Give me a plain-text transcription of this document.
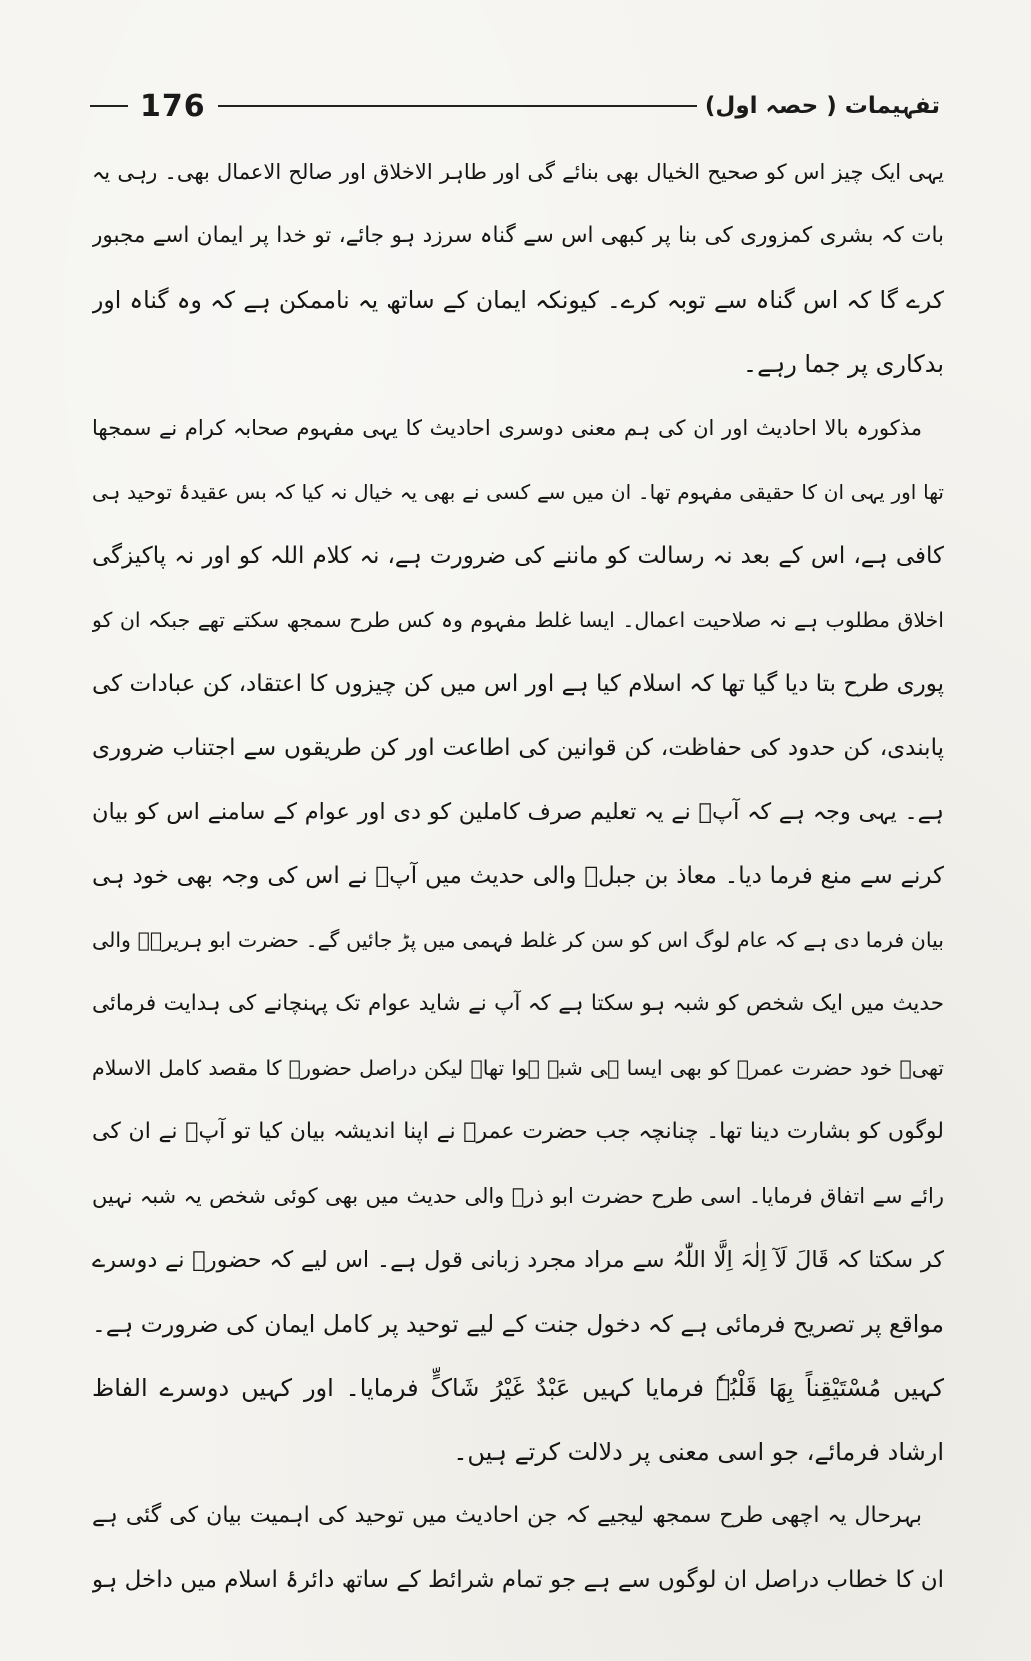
176	تفہیمات ( حصہ اول)
یہی ایک چیز اس کو صحیح الخیال بھی بنائے گی اور طاہر الاخلاق اور صالح الاعمال بھی۔ رہی یہ
بات کہ بشری کمزوری کی بنا پر کبھی اس سے گناہ سرزد ہو جائے، تو خدا پر ایمان اسے مجبور
کرے گا کہ اس گناہ سے توبہ کرے۔ کیونکہ ایمان کے ساتھ یہ ناممکن ہے کہ وہ گناہ اور
بدکاری پر جما رہے۔
مذکورہ بالا احادیث اور ان کی ہم معنی دوسری احادیث کا یہی مفہوم صحابہ کرام نے سمجھا
تھا اور یہی ان کا حقیقی مفہوم تھا۔ ان میں سے کسی نے بھی یہ خیال نہ کیا کہ بس عقیدۂ توحید ہی
کافی ہے، اس کے بعد نہ رسالت کو ماننے کی ضرورت ہے، نہ کلام اللہ کو اور نہ پاکیزگی
اخلاق مطلوب ہے نہ صلاحیت اعمال۔ ایسا غلط مفہوم وہ کس طرح سمجھ سکتے تھے جبکہ ان کو
پوری طرح بتا دیا گیا تھا کہ اسلام کیا ہے اور اس میں کن چیزوں کا اعتقاد، کن عبادات کی
پابندی، کن حدود کی حفاظت، کن قوانین کی اطاعت اور کن طریقوں سے اجتناب ضروری
ہے۔ یہی وجہ ہے کہ آپؐ نے یہ تعلیم صرف کاملین کو دی اور عوام کے سامنے اس کو بیان
کرنے سے منع فرما دیا۔ معاذ بن جبلؓ والی حدیث میں آپؐ نے اس کی وجہ بھی خود ہی
بیان فرما دی ہے کہ عام لوگ اس کو سن کر غلط فہمی میں پڑ جائیں گے۔ حضرت ابو ہریرہؓ والی
حدیث میں ایک شخص کو شبہ ہو سکتا ہے کہ آپ نے شاید عوام تک پہنچانے کی ہدایت فرمائی
تھی۔ خود حضرت عمرؓ کو بھی ایسا ہی شبہ ہوا تھا۔ لیکن دراصل حضورؐ کا مقصد کامل الاسلام
لوگوں کو بشارت دینا تھا۔ چنانچہ جب حضرت عمرؓ نے اپنا اندیشہ بیان کیا تو آپؐ نے ان کی
رائے سے اتفاق فرمایا۔ اسی طرح حضرت ابو ذرؓ والی حدیث میں بھی کوئی شخص یہ شبہ نہیں
کر سکتا کہ قَالَ لَآ اِلٰہَ اِلَّا اللّٰہُ سے مراد مجرد زبانی قول ہے۔ اس لیے کہ حضورؐ نے دوسرے
مواقع پر تصریح فرمائی ہے کہ دخول جنت کے لیے توحید پر کامل ایمان کی ضرورت ہے۔
کہیں مُسْتَیْقِناً بِھَا قَلْبُہٗ فرمایا کہیں عَبْدٌ غَیْرُ شَاکٍّ فرمایا۔ اور کہیں دوسرے الفاظ
ارشاد فرمائے، جو اسی معنی پر دلالت کرتے ہیں۔
بہرحال یہ اچھی طرح سمجھ لیجیے کہ جن احادیث میں توحید کی اہمیت بیان کی گئی ہے
ان کا خطاب دراصل ان لوگوں سے ہے جو تمام شرائط کے ساتھ دائرۂ اسلام میں داخل ہو
